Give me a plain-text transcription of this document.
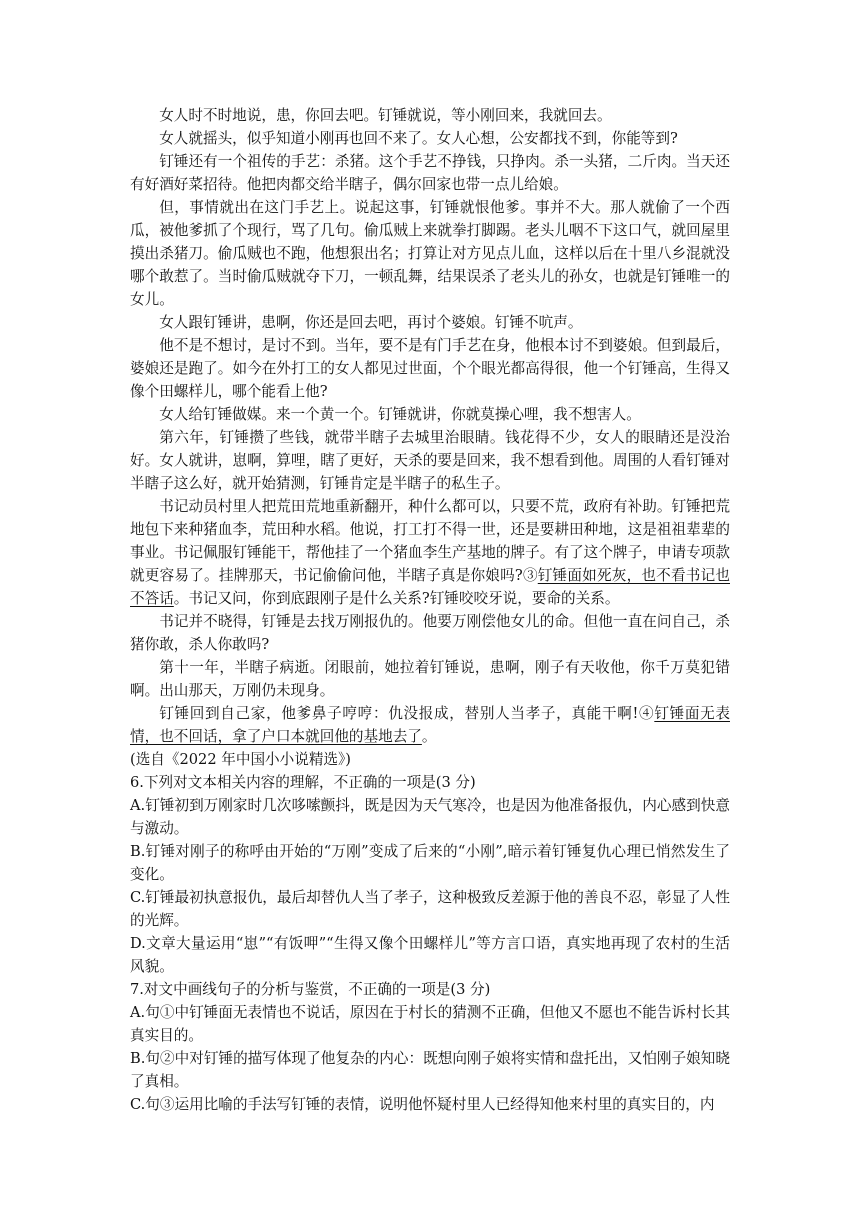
女人时不时地说，患，你回去吧。钉锤就说，等小刚回来，我就回去。

女人就摇头，似乎知道小刚再也回不来了。女人心想，公安都找不到，你能等到?

钉锤还有一个祖传的手艺：杀猪。这个手艺不挣钱，只挣肉。杀一头猪，二斤肉。当天还有好酒好菜招待。他把肉都交给半瞎子，偶尔回家也带一点儿给娘。

但，事情就出在这门手艺上。说起这事，钉锤就恨他爹。事并不大。那人就偷了一个西瓜，被他爹抓了个现行，骂了几句。偷瓜贼上来就拳打脚踢。老头儿咽不下这口气，就回屋里摸出杀猪刀。偷瓜贼也不跑，他想狠出名；打算让对方见点儿血，这样以后在十里八乡混就没哪个敢惹了。当时偷瓜贼就夺下刀，一顿乱舞，结果误杀了老头儿的孙女，也就是钉锤唯一的女儿。

女人跟钉锤讲，患啊，你还是回去吧，再讨个婆娘。钉锤不吭声。

他不是不想讨，是讨不到。当年，要不是有门手艺在身，他根本讨不到婆娘。但到最后，婆娘还是跑了。如今在外打工的女人都见过世面，个个眼光都高得很，他一个钉锤高，生得又像个田螺样儿，哪个能看上他?

女人给钉锤做媒。来一个黄一个。钉锤就讲，你就莫操心哩，我不想害人。

第六年，钉锤攒了些钱，就带半瞎子去城里治眼睛。钱花得不少，女人的眼睛还是没治好。女人就讲，崽啊，算哩，瞎了更好，天杀的要是回来，我不想看到他。周围的人看钉锤对半瞎子这么好，就开始猜测，钉锤肯定是半瞎子的私生子。

书记动员村里人把荒田荒地重新翻开，种什么都可以，只要不荒，政府有补助。钉锤把荒地包下来种猪血李，荒田种水稻。他说，打工打不得一世，还是要耕田种地，这是祖祖辈辈的事业。书记佩服钉锤能干，帮他挂了一个猪血李生产基地的牌子。有了这个牌子，申请专项款就更容易了。挂牌那天，书记偷偷问他，半瞎子真是你娘吗?③钉锤面如死灰，也不看书记也不答话。书记又问，你到底跟刚子是什么关系?钉锤咬咬牙说，要命的关系。

书记并不晓得，钉锤是去找万刚报仇的。他要万刚偿他女儿的命。但他一直在问自己，杀猪你敢，杀人你敢吗?

第十一年，半瞎子病逝。闭眼前，她拉着钉锤说，患啊，刚子有天收他，你千万莫犯错啊。出山那天，万刚仍未现身。

钉锤回到自己家，他爹鼻子哼哼：仇没报成，替别人当孝子，真能干啊!④钉锤面无表情，也不回话，拿了户口本就回他的基地去了。

(选自《2022 年中国小小说精选》)

6.下列对文本相关内容的理解，不正确的一项是(3 分)

A.钉锤初到万刚家时几次哆嗦颤抖，既是因为天气寒冷，也是因为他准备报仇，内心感到快意与激动。

B.钉锤对刚子的称呼由开始的“万刚”变成了后来的“小刚”,暗示着钉锤复仇心理已悄然发生了变化。

C.钉锤最初执意报仇，最后却替仇人当了孝子，这种极致反差源于他的善良不忍，彰显了人性的光辉。

D.文章大量运用“崽”“有饭呷”“生得又像个田螺样儿”等方言口语，真实地再现了农村的生活风貌。

7.对文中画线句子的分析与鉴赏，不正确的一项是(3 分)

A.句①中钉锤面无表情也不说话，原因在于村长的猜测不正确，但他又不愿也不能告诉村长其真实目的。

B.句②中对钉锤的描写体现了他复杂的内心：既想向刚子娘将实情和盘托出，又怕刚子娘知晓了真相。

C.句③运用比喻的手法写钉锤的表情，说明他怀疑村里人已经得知他来村里的真实目的，内
